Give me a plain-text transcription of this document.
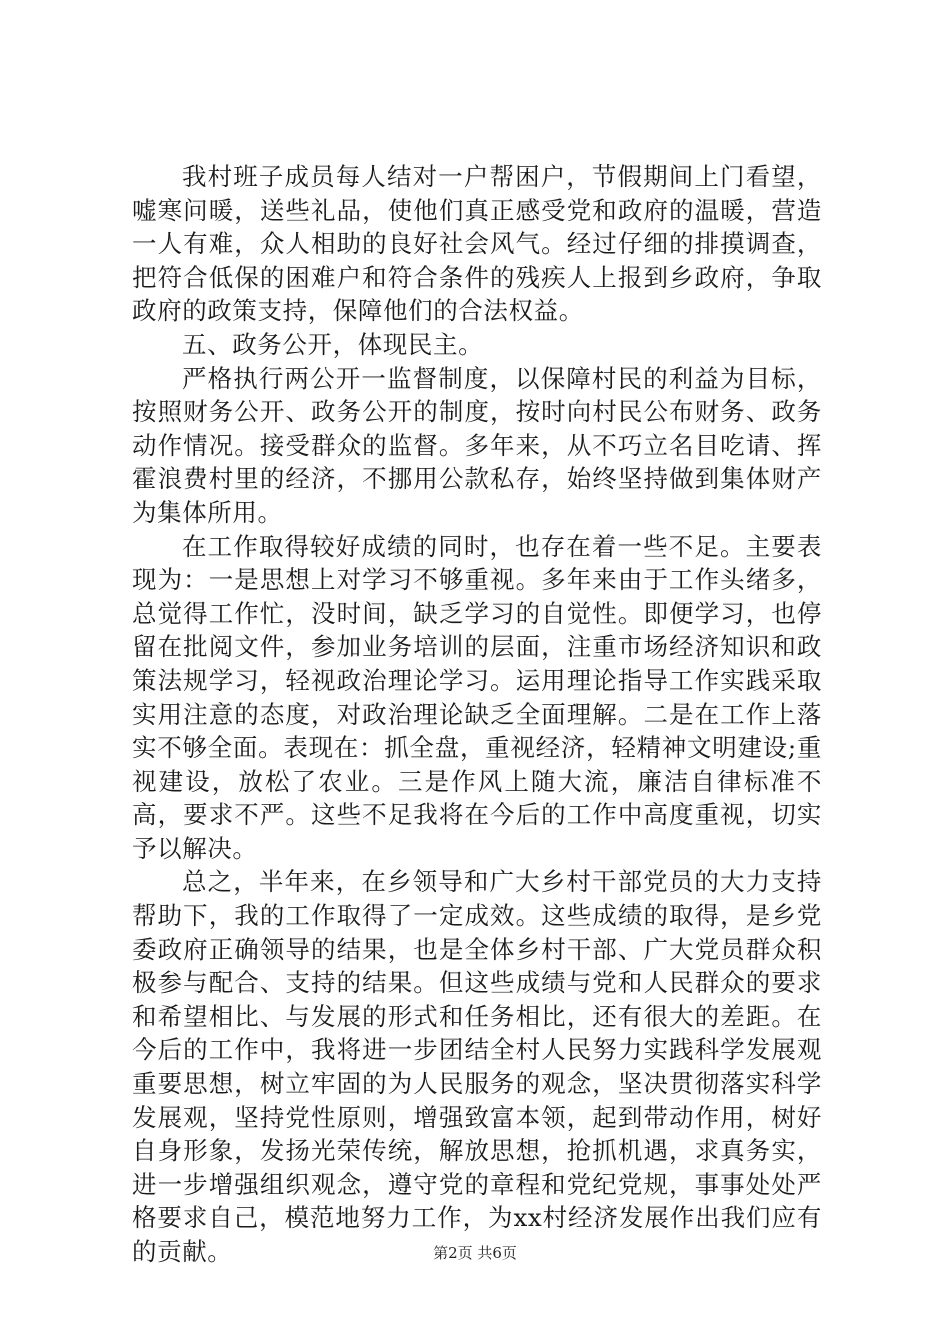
我村班子成员每人结对一户帮困户，节假期间上门看望，嘘寒问暖，送些礼品，使他们真正感受党和政府的温暖，营造一人有难，众人相助的良好社会风气。经过仔细的排摸调查，把符合低保的困难户和符合条件的残疾人上报到乡政府，争取政府的政策支持，保障他们的合法权益。

五、政务公开，体现民主。

严格执行两公开一监督制度，以保障村民的利益为目标，按照财务公开、政务公开的制度，按时向村民公布财务、政务动作情况。接受群众的监督。多年来，从不巧立名目吃请、挥霍浪费村里的经济，不挪用公款私存，始终坚持做到集体财产为集体所用。

在工作取得较好成绩的同时，也存在着一些不足。主要表现为：一是思想上对学习不够重视。多年来由于工作头绪多，总觉得工作忙，没时间，缺乏学习的自觉性。即便学习，也停留在批阅文件，参加业务培训的层面，注重市场经济知识和政策法规学习，轻视政治理论学习。运用理论指导工作实践采取实用注意的态度，对政治理论缺乏全面理解。二是在工作上落实不够全面。表现在：抓全盘，重视经济，轻精神文明建设;重视建设，放松了农业。三是作风上随大流，廉洁自律标准不高，要求不严。这些不足我将在今后的工作中高度重视，切实予以解决。

总之，半年来，在乡领导和广大乡村干部党员的大力支持帮助下，我的工作取得了一定成效。这些成绩的取得，是乡党委政府正确领导的结果，也是全体乡村干部、广大党员群众积极参与配合、支持的结果。但这些成绩与党和人民群众的要求和希望相比、与发展的形式和任务相比，还有很大的差距。在今后的工作中，我将进一步团结全村人民努力实践科学发展观重要思想，树立牢固的为人民服务的观念，坚决贯彻落实科学发展观，坚持党性原则，增强致富本领，起到带动作用，树好自身形象，发扬光荣传统，解放思想，抢抓机遇，求真务实，进一步增强组织观念，遵守党的章程和党纪党规，事事处处严格要求自己，模范地努力工作，为xx村经济发展作出我们应有的贡献。	第2页 共6页
